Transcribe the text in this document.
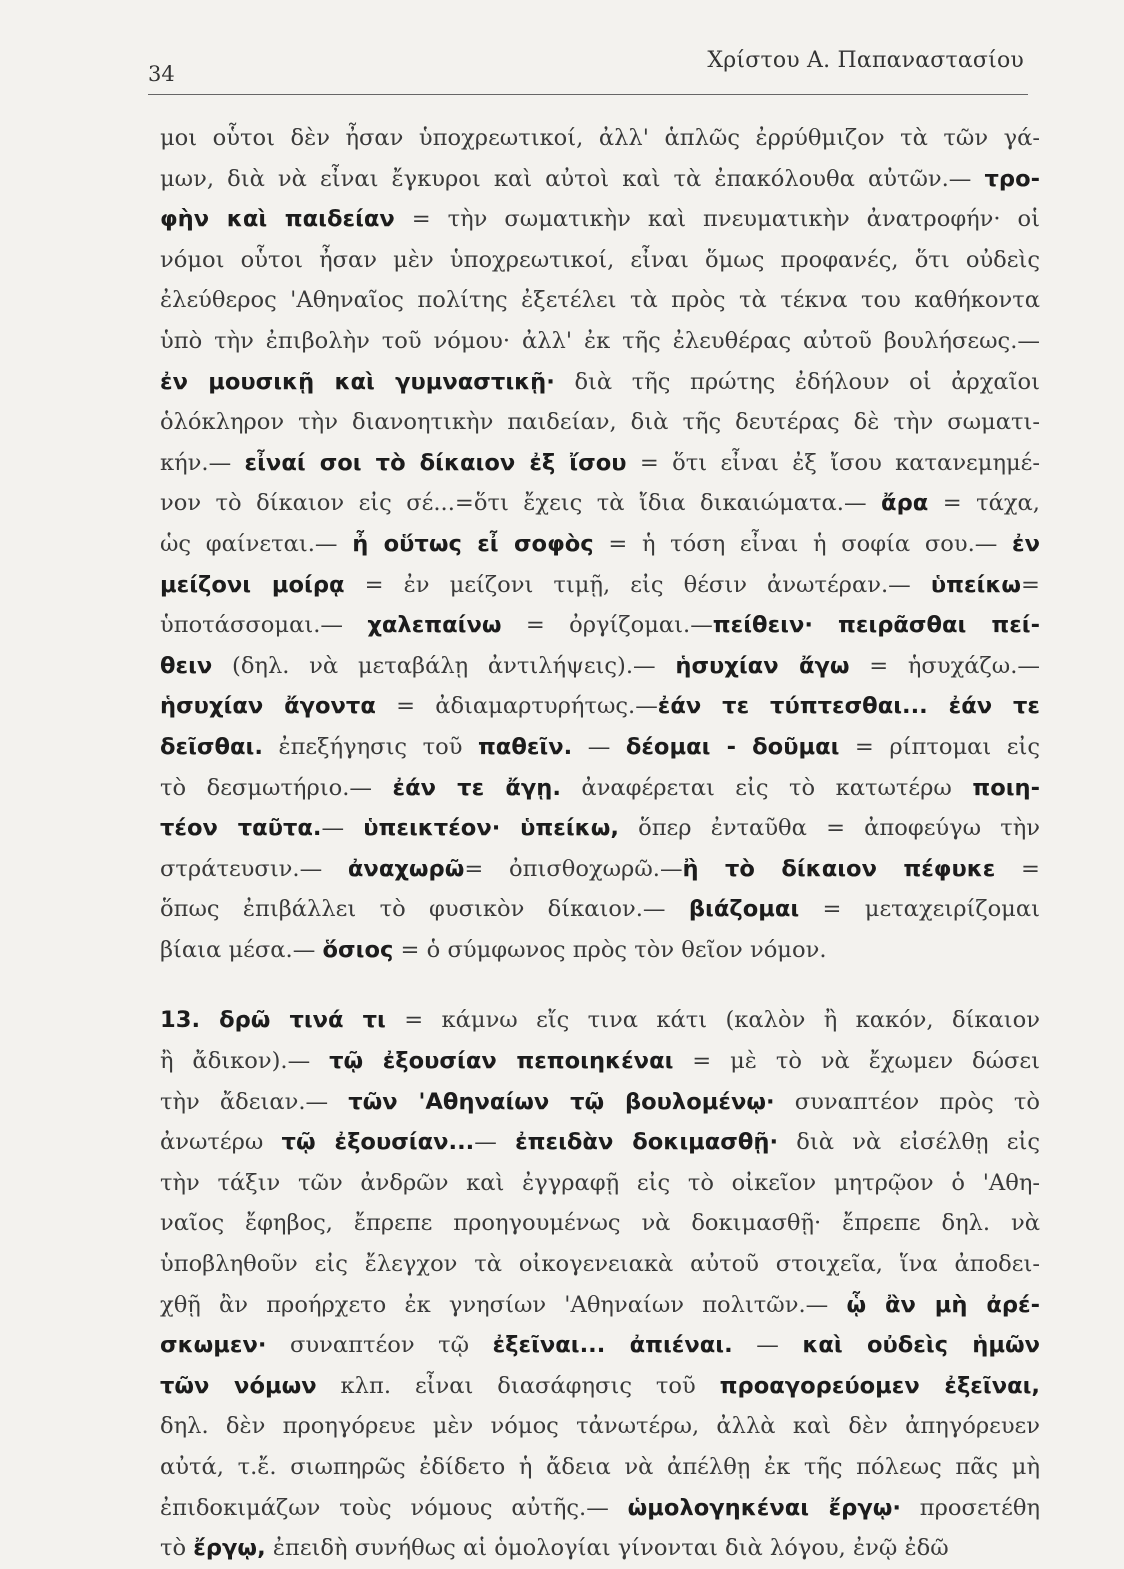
34
Χρίστου Α. Παπαναστασίου
μοι οὗτοι δὲν ἦσαν ὑποχρεωτικοί, ἀλλ' ἁπλῶς ἐρρύθμιζον τὰ τῶν γά-
μων, διὰ νὰ εἶναι ἔγκυροι καὶ αὐτοὶ καὶ τὰ ἐπακόλουθα αὐτῶν.— τρο-
φὴν καὶ παιδείαν = τὴν σωματικὴν καὶ πνευματικὴν ἀνατροφήν· οἱ
νόμοι οὗτοι ἦσαν μὲν ὑποχρεωτικοί, εἶναι ὅμως προφανές, ὅτι οὐδεὶς
ἐλεύθερος 'Αθηναῖος πολίτης ἐξετέλει τὰ πρὸς τὰ τέκνα του καθήκοντα
ὑπὸ τὴν ἐπιβολὴν τοῦ νόμου· ἀλλ' ἐκ τῆς ἐλευθέρας αὐτοῦ βουλήσεως.—
ἐν μουσικῇ καὶ γυμναστικῇ· διὰ τῆς πρώτης ἐδήλουν οἱ ἀρχαῖοι
ὁλόκληρον τὴν διανοητικὴν παιδείαν, διὰ τῆς δευτέρας δὲ τὴν σωματι-
κήν.— εἶναί σοι τὸ δίκαιον ἐξ ἴσου = ὅτι εἶναι ἐξ ἴσου κατανεμημέ-
νον τὸ δίκαιον εἰς σέ...=ὅτι ἔχεις τὰ ἴδια δικαιώματα.— ἄρα = τάχα,
ὡς φαίνεται.— ἦ οὕτως εἶ σοφὸς = ἡ τόση εἶναι ἡ σοφία σου.— ἐν
μείζονι μοίρᾳ = ἐν μείζονι τιμῇ, εἰς θέσιν ἀνωτέραν.— ὑπείκω=
ὑποτάσσομαι.— χαλεπαίνω = ὀργίζομαι.—πείθειν· πειρᾶσθαι πεί-
θειν (δηλ. νὰ μεταβάλῃ ἀντιλήψεις).— ἡσυχίαν ἄγω = ἡσυχάζω.—
ἡσυχίαν ἄγοντα = ἀδιαμαρτυρήτως.—ἐάν τε τύπτεσθαι... ἐάν τε
δεῖσθαι. ἐπεξήγησις τοῦ παθεῖν. — δέομαι - δοῦμαι = ρίπτομαι εἰς
τὸ δεσμωτήριο.— ἐάν τε ἄγῃ. ἀναφέρεται εἰς τὸ κατωτέρω ποιη-
τέον ταῦτα.— ὑπεικτέον· ὑπείκω, ὅπερ ἐνταῦθα = ἀποφεύγω τὴν
στράτευσιν.— ἀναχωρῶ= ὀπισθοχωρῶ.—ἢ τὸ δίκαιον πέφυκε =
ὅπως ἐπιβάλλει τὸ φυσικὸν δίκαιον.— βιάζομαι = μεταχειρίζομαι
βίαια μέσα.— ὅσιος = ὁ σύμφωνος πρὸς τὸν θεῖον νόμον.
13. δρῶ τινά τι = κάμνω εἴς τινα κάτι (καλὸν ἢ κακόν, δίκαιον
ἢ ἄδικον).— τῷ ἐξουσίαν πεποιηκέναι = μὲ τὸ νὰ ἔχωμεν δώσει
τὴν ἄδειαν.— τῶν 'Αθηναίων τῷ βουλομένῳ· συναπτέον πρὸς τὸ
ἀνωτέρω τῷ ἐξουσίαν...— ἐπειδὰν δοκιμασθῇ· διὰ νὰ εἰσέλθῃ εἰς
τὴν τάξιν τῶν ἀνδρῶν καὶ ἐγγραφῇ εἰς τὸ οἰκεῖον μητρῷον ὁ 'Αθη-
ναῖος ἔφηβος, ἔπρεπε προηγουμένως νὰ δοκιμασθῇ· ἔπρεπε δηλ. νὰ
ὑποβληθοῦν εἰς ἔλεγχον τὰ οἰκογενειακὰ αὐτοῦ στοιχεῖα, ἵνα ἀποδει-
χθῇ ἂν προήρχετο ἐκ γνησίων 'Αθηναίων πολιτῶν.— ᾧ ἂν μὴ ἀρέ-
σκωμεν· συναπτέον τῷ ἐξεῖναι... ἀπιέναι. — καὶ οὐδεὶς ἡμῶν
τῶν νόμων κλπ. εἶναι διασάφησις τοῦ προαγορεύομεν ἐξεῖναι,
δηλ. δὲν προηγόρευε μὲν νόμος τἀνωτέρω, ἀλλὰ καὶ δὲν ἀπηγόρευεν
αὐτά, τ.ἔ. σιωπηρῶς ἐδίδετο ἡ ἄδεια νὰ ἀπέλθῃ ἐκ τῆς πόλεως πᾶς μὴ
ἐπιδοκιμάζων τοὺς νόμους αὐτῆς.— ὡμολογηκέναι ἔργῳ· προσετέθη
τὸ ἔργῳ, ἐπειδὴ συνήθως αἱ ὁμολογίαι γίνονται διὰ λόγου, ἐνῷ ἐδῶ
